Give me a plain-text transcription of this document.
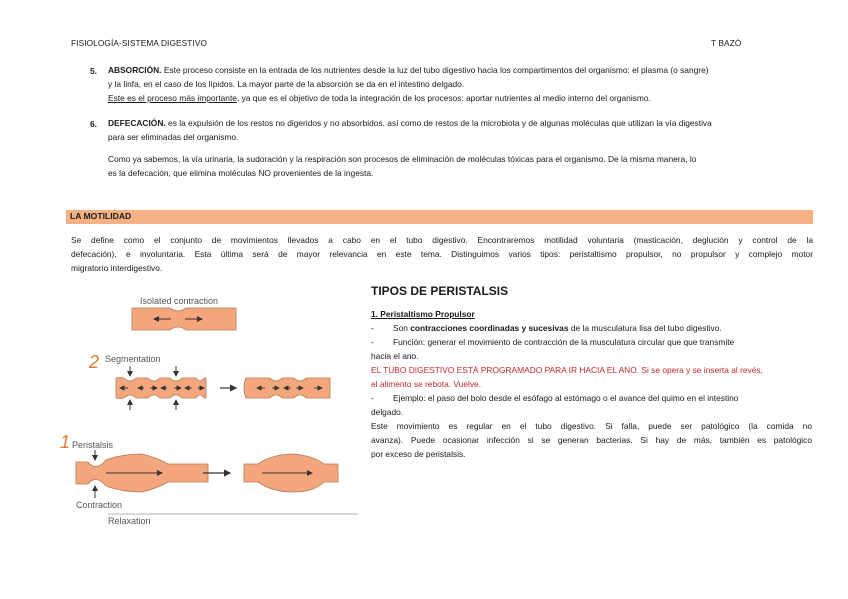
FISIOLOGÍA-SISTEMA DIGESTIVO	T BAZÓ
5. ABSORCIÓN. Este proceso consiste en la entrada de los nutrientes desde la luz del tubo digestivo hacia los compartimentos del organismo: el plasma (o sangre)
y la linfa, en el caso de los lípidos. La mayor parte de la absorción se da en el intestino delgado.
Este es el proceso más importante, ya que es el objetivo de toda la integración de los procesos: aportar nutrientes al medio interno del organismo.
6. DEFECACIÓN. es la expulsión de los restos no digeridos y no absorbidos, así como de restos de la microbiota y de algunas moléculas que utilizan la vía digestiva
para ser eliminadas del organismo.
Como ya sabemos, la vía urinaria, la sudoración y la respiración son procesos de eliminación de moléculas tóxicas para el organismo. De la misma manera, lo
es la defecación, que elimina moléculas NO provenientes de la ingesta.
LA MOTILIDAD
Se define como el conjunto de movimientos llevados a cabo en el tubo digestivo. Encontraremos motilidad voluntaria (masticación, deglución y control de la
defecación), e involuntaria. Esta última será de mayor relevancia en este tema. Distinguimos varios tipos: peristaltismo propulsor, no propulsor y complejo motor
migratorio interdigestivo.
Isolated contraction
2 Segmentation
1 Peristalsis
Contraction
Relaxation
TIPOS DE PERISTALSIS
1. Peristaltismo Propulsor
- Son contracciones coordinadas y sucesivas de la musculatura lisa del tubo digestivo.
- Función: generar el movimiento de contracción de la musculatura circular que que transmite
hacia el ano.
EL TUBO DIGESTIVO ESTÁ PROGRAMADO PARA IR HACIA EL ANO. Si se opera y se inserta al revés,
el alimento se rebota. Vuelve.
- Ejemplo: el paso del bolo desde el esófago al estómago o el avance del quimo en el intestino
delgado.
Este movimiento es regular en el tubo digestivo. Si falla, puede ser patológico (la comida no
avanza). Puede ocasionar infección si se generan bacterias. Si hay de más, también es patológico
por exceso de peristalsis.
